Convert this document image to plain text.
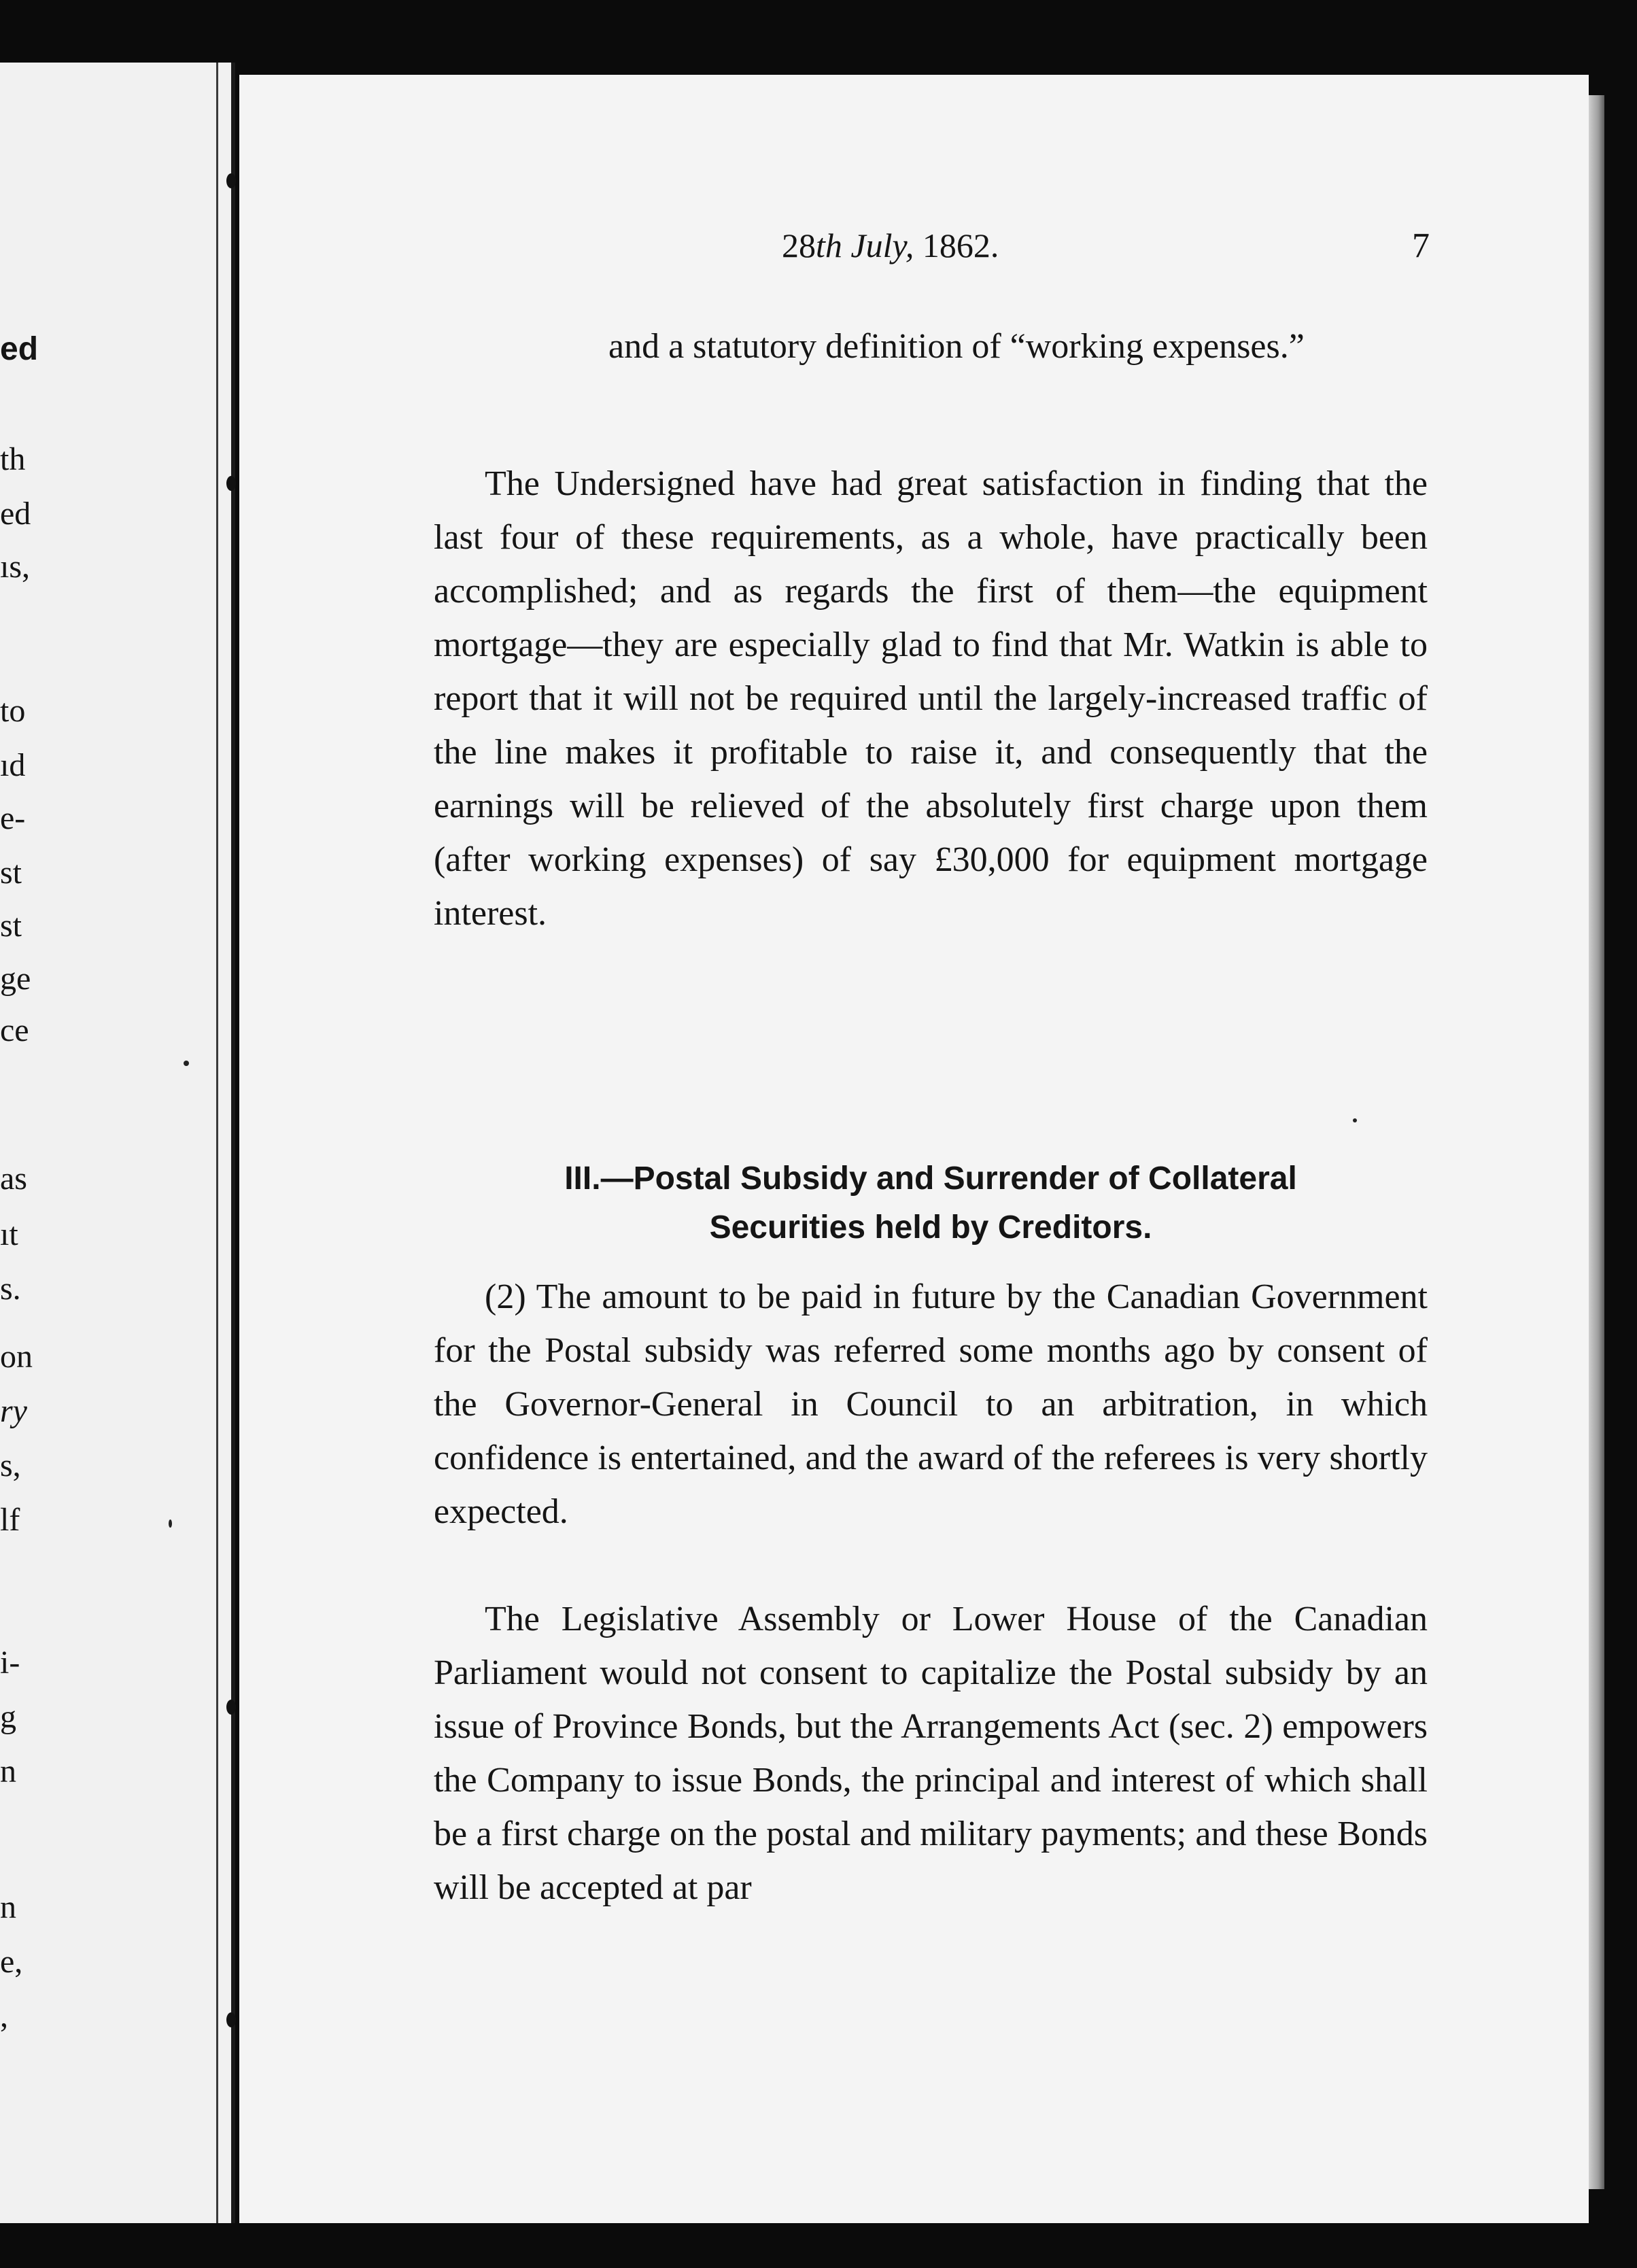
ed
th
ed
ıs,
to
ıd
e-
st
st
ge
ce
as
ıt
s.
on
ry
s,
lf
i-
g
n
n
e,
,
28th July, 1862.	7
and a statutory definition of “working expenses.”
The Undersigned have had great satisfaction in finding that the last four of these requirements, as a whole, have practically been accomplished; and as regards the first of them—the equipment mortgage—they are especially glad to find that Mr. Watkin is able to report that it will not be required until the largely-increased traffic of the line makes it profitable to raise it, and consequently that the earnings will be relieved of the absolutely first charge upon them (after working expenses) of say £30,000 for equipment mortgage interest.
III.—Postal Subsidy and Surrender of Collateral
Securities held by Creditors.
(2) The amount to be paid in future by the Canadian Government for the Postal subsidy was referred some months ago by consent of the Governor-General in Council to an arbitration, in which confidence is entertained, and the award of the referees is very shortly expected.
The Legislative Assembly or Lower House of the Canadian Parliament would not consent to capitalize the Postal subsidy by an issue of Province Bonds, but the Arrangements Act (sec. 2) empowers the Company to issue Bonds, the principal and interest of which shall be a first charge on the postal and military payments; and these Bonds will be accepted at par
